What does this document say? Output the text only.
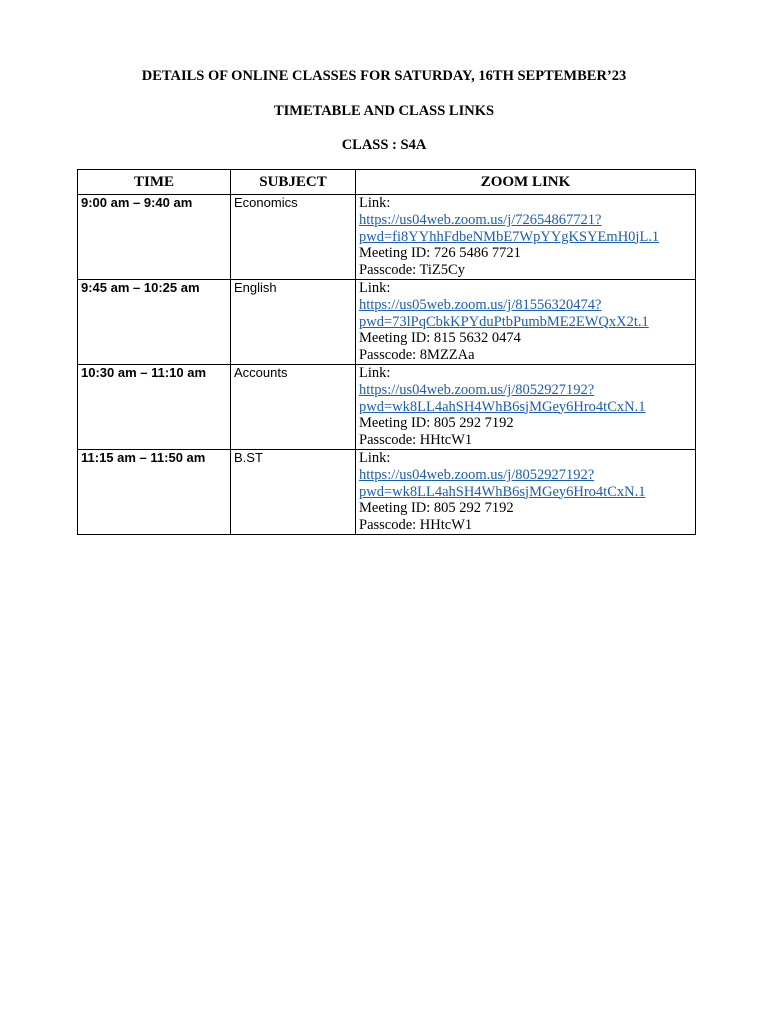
DETAILS OF ONLINE CLASSES FOR SATURDAY, 16TH SEPTEMBER’23
TIMETABLE AND CLASS LINKS
CLASS : S4A
TIME	SUBJECT	ZOOM LINK
9:00 am – 9:40 am	Economics	Link:
https://us04web.zoom.us/j/72654867721?
pwd=fi8YYhhFdbeNMbE7WpYYgKSYEmH0jL.1
Meeting ID: 726 5486 7721
Passcode: TiZ5Cy

9:45 am – 10:25 am	English	Link:
https://us05web.zoom.us/j/81556320474?
pwd=73lPqCbkKPYduPtbPumbME2EWQxX2t.1
Meeting ID: 815 5632 0474
Passcode: 8MZZAa

10:30 am – 11:10 am	Accounts	Link:
https://us04web.zoom.us/j/8052927192?
pwd=wk8LL4ahSH4WhB6sjMGey6Hro4tCxN.1
Meeting ID: 805 292 7192
Passcode: HHtcW1

11:15 am – 11:50 am	B.ST	Link:
https://us04web.zoom.us/j/8052927192?
pwd=wk8LL4ahSH4WhB6sjMGey6Hro4tCxN.1
Meeting ID: 805 292 7192
Passcode: HHtcW1
